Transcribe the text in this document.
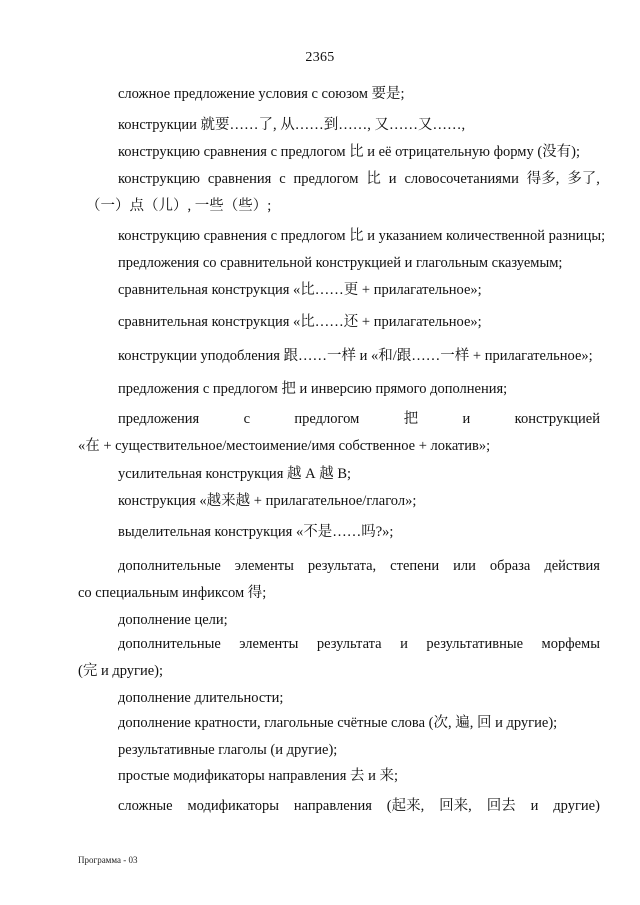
2365
сложное предложение условия с союзом 要是;
конструкции 就要……了, 从……到……, 又……又……,
конструкцию сравнения с предлогом 比 и её отрицательную форму (没有);
конструкцию сравнения с предлогом 比 и словосочетаниями 得多, 多了,
（一）点（儿）, 一些（些）;
конструкцию сравнения с предлогом 比 и указанием количественной разницы;
предложения со сравнительной конструкцией и глагольным сказуемым;
сравнительная конструкция «比……更 + прилагательное»;
сравнительная конструкция «比……还 + прилагательное»;
конструкции уподобления 跟……一样 и «和/跟……一样 + прилагательное»;
предложения с предлогом 把 и инверсию прямого дополнения;
предложения	с	предлогом	把	и	конструкцией
«在 + существительное/местоимение/имя собственное + локатив»;
усилительная конструкция 越 А 越 В;
конструкция «越来越 + прилагательное/глагол»;
выделительная конструкция «不是……吗?»;
дополнительные элементы результата, степени или образа действия
со специальным инфиксом 得;
дополнение цели;
дополнительные элементы результата и результативные морфемы
(完 и другие);
дополнение длительности;
дополнение кратности, глагольные счётные слова (次, 遍, 回 и другие);
результативные глаголы (и другие);
простые модификаторы направления 去 и 来;
сложные модификаторы направления (起来, 回来, 回去 и другие)
Программа - 03
